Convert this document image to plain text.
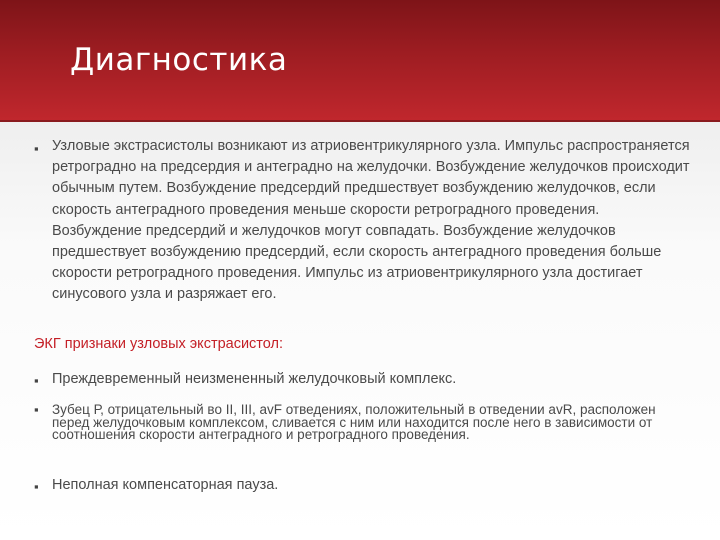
Диагностика
▪ Узловые экстрасистолы возникают из атриовентрикулярного узла. Импульс распространяется ретроградно на предсердия и антеградно на желудочки. Возбуждение желудочков происходит обычным путем. Возбуждение предсердий предшествует возбуждению желудочков, если скорость антеградного проведения меньше скорости ретроградного проведения. Возбуждение предсердий и желудочков могут совпадать. Возбуждение желудочков предшествует возбуждению предсердий, если скорость антеградного проведения больше скорости ретроградного проведения. Импульс из атриовентрикулярного узла достигает синусового узла и разряжает его.
ЭКГ признаки узловых экстрасистол:
▪ Преждевременный неизмененный желудочковый комплекс.
▪ Зубец Р, отрицательный во II, III, avF отведениях, положительный в отведении avR, расположен перед желудочковым комплексом, сливается с ним или находится после него в зависимости от соотношения скорости антеградного и ретроградного проведения.
▪ Неполная компенсаторная пауза.
